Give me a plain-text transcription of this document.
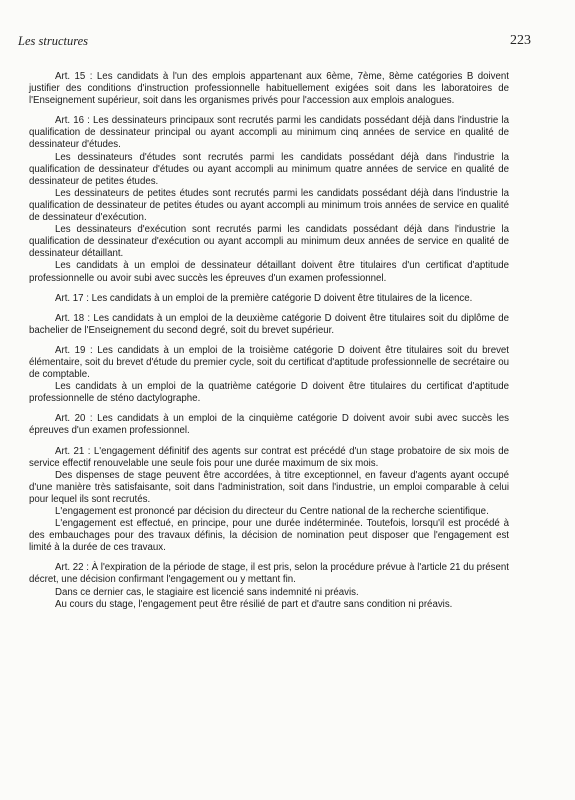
Les structures	223

Art. 15 : Les candidats à l'un des emplois appartenant aux 6ème, 7ème, 8ème catégories B doivent justifier des conditions d'instruction professionnelle habituellement exigées soit dans les laboratoires de l'Enseignement supérieur, soit dans les organismes privés pour l'accession aux emplois analogues.

Art. 16 : Les dessinateurs principaux sont recrutés parmi les candidats possédant déjà dans l'industrie la qualification de dessinateur principal ou ayant accompli au minimum cinq années de service en qualité de dessinateur d'études.

Les dessinateurs d'études sont recrutés parmi les candidats possédant déjà dans l'industrie la qualification de dessinateur d'études ou ayant accompli au minimum quatre années de service en qualité de dessinateur de petites études.

Les dessinateurs de petites études sont recrutés parmi les candidats possédant déjà dans l'industrie la qualification de dessinateur de petites études ou ayant accompli au minimum trois années de service en qualité de dessinateur d'exécution.

Les dessinateurs d'exécution sont recrutés parmi les candidats possédant déjà dans l'industrie la qualification de dessinateur d'exécution ou ayant accompli au minimum deux années de service en qualité de dessinateur détaillant.

Les candidats à un emploi de dessinateur détaillant doivent être titulaires d'un certificat d'aptitude professionnelle ou avoir subi avec succès les épreuves d'un examen professionnel.

Art. 17 : Les candidats à un emploi de la première catégorie D doivent être titulaires de la licence.

Art. 18 : Les candidats à un emploi de la deuxième catégorie D doivent être titulaires soit du diplôme de bachelier de l'Enseignement du second degré, soit du brevet supérieur.

Art. 19 : Les candidats à un emploi de la troisième catégorie D doivent être titulaires soit du brevet élémentaire, soit du brevet d'étude du premier cycle, soit du certificat d'aptitude professionnelle de secrétaire ou de comptable.

Les candidats à un emploi de la quatrième catégorie D doivent être titulaires du certificat d'aptitude professionnelle de sténo dactylographe.

Art. 20 : Les candidats à un emploi de la cinquième catégorie D doivent avoir subi avec succès les épreuves d'un examen professionnel.

Art. 21 : L'engagement définitif des agents sur contrat est précédé d'un stage probatoire de six mois de service effectif renouvelable une seule fois pour une durée maximum de six mois.

Des dispenses de stage peuvent être accordées, à titre exceptionnel, en faveur d'agents ayant occupé d'une manière très satisfaisante, soit dans l'administration, soit dans l'industrie, un emploi comparable à celui pour lequel ils sont recrutés.

L'engagement est prononcé par décision du directeur du Centre national de la recherche scientifique.

L'engagement est effectué, en principe, pour une durée indéterminée. Toutefois, lorsqu'il est procédé à des embauchages pour des travaux définis, la décision de nomination peut disposer que l'engagement est limité à la durée de ces travaux.

Art. 22 : À l'expiration de la période de stage, il est pris, selon la procédure prévue à l'article 21 du présent décret, une décision confirmant l'engagement ou y mettant fin.

Dans ce dernier cas, le stagiaire est licencié sans indemnité ni préavis.

Au cours du stage, l'engagement peut être résilié de part et d'autre sans condition ni préavis.
